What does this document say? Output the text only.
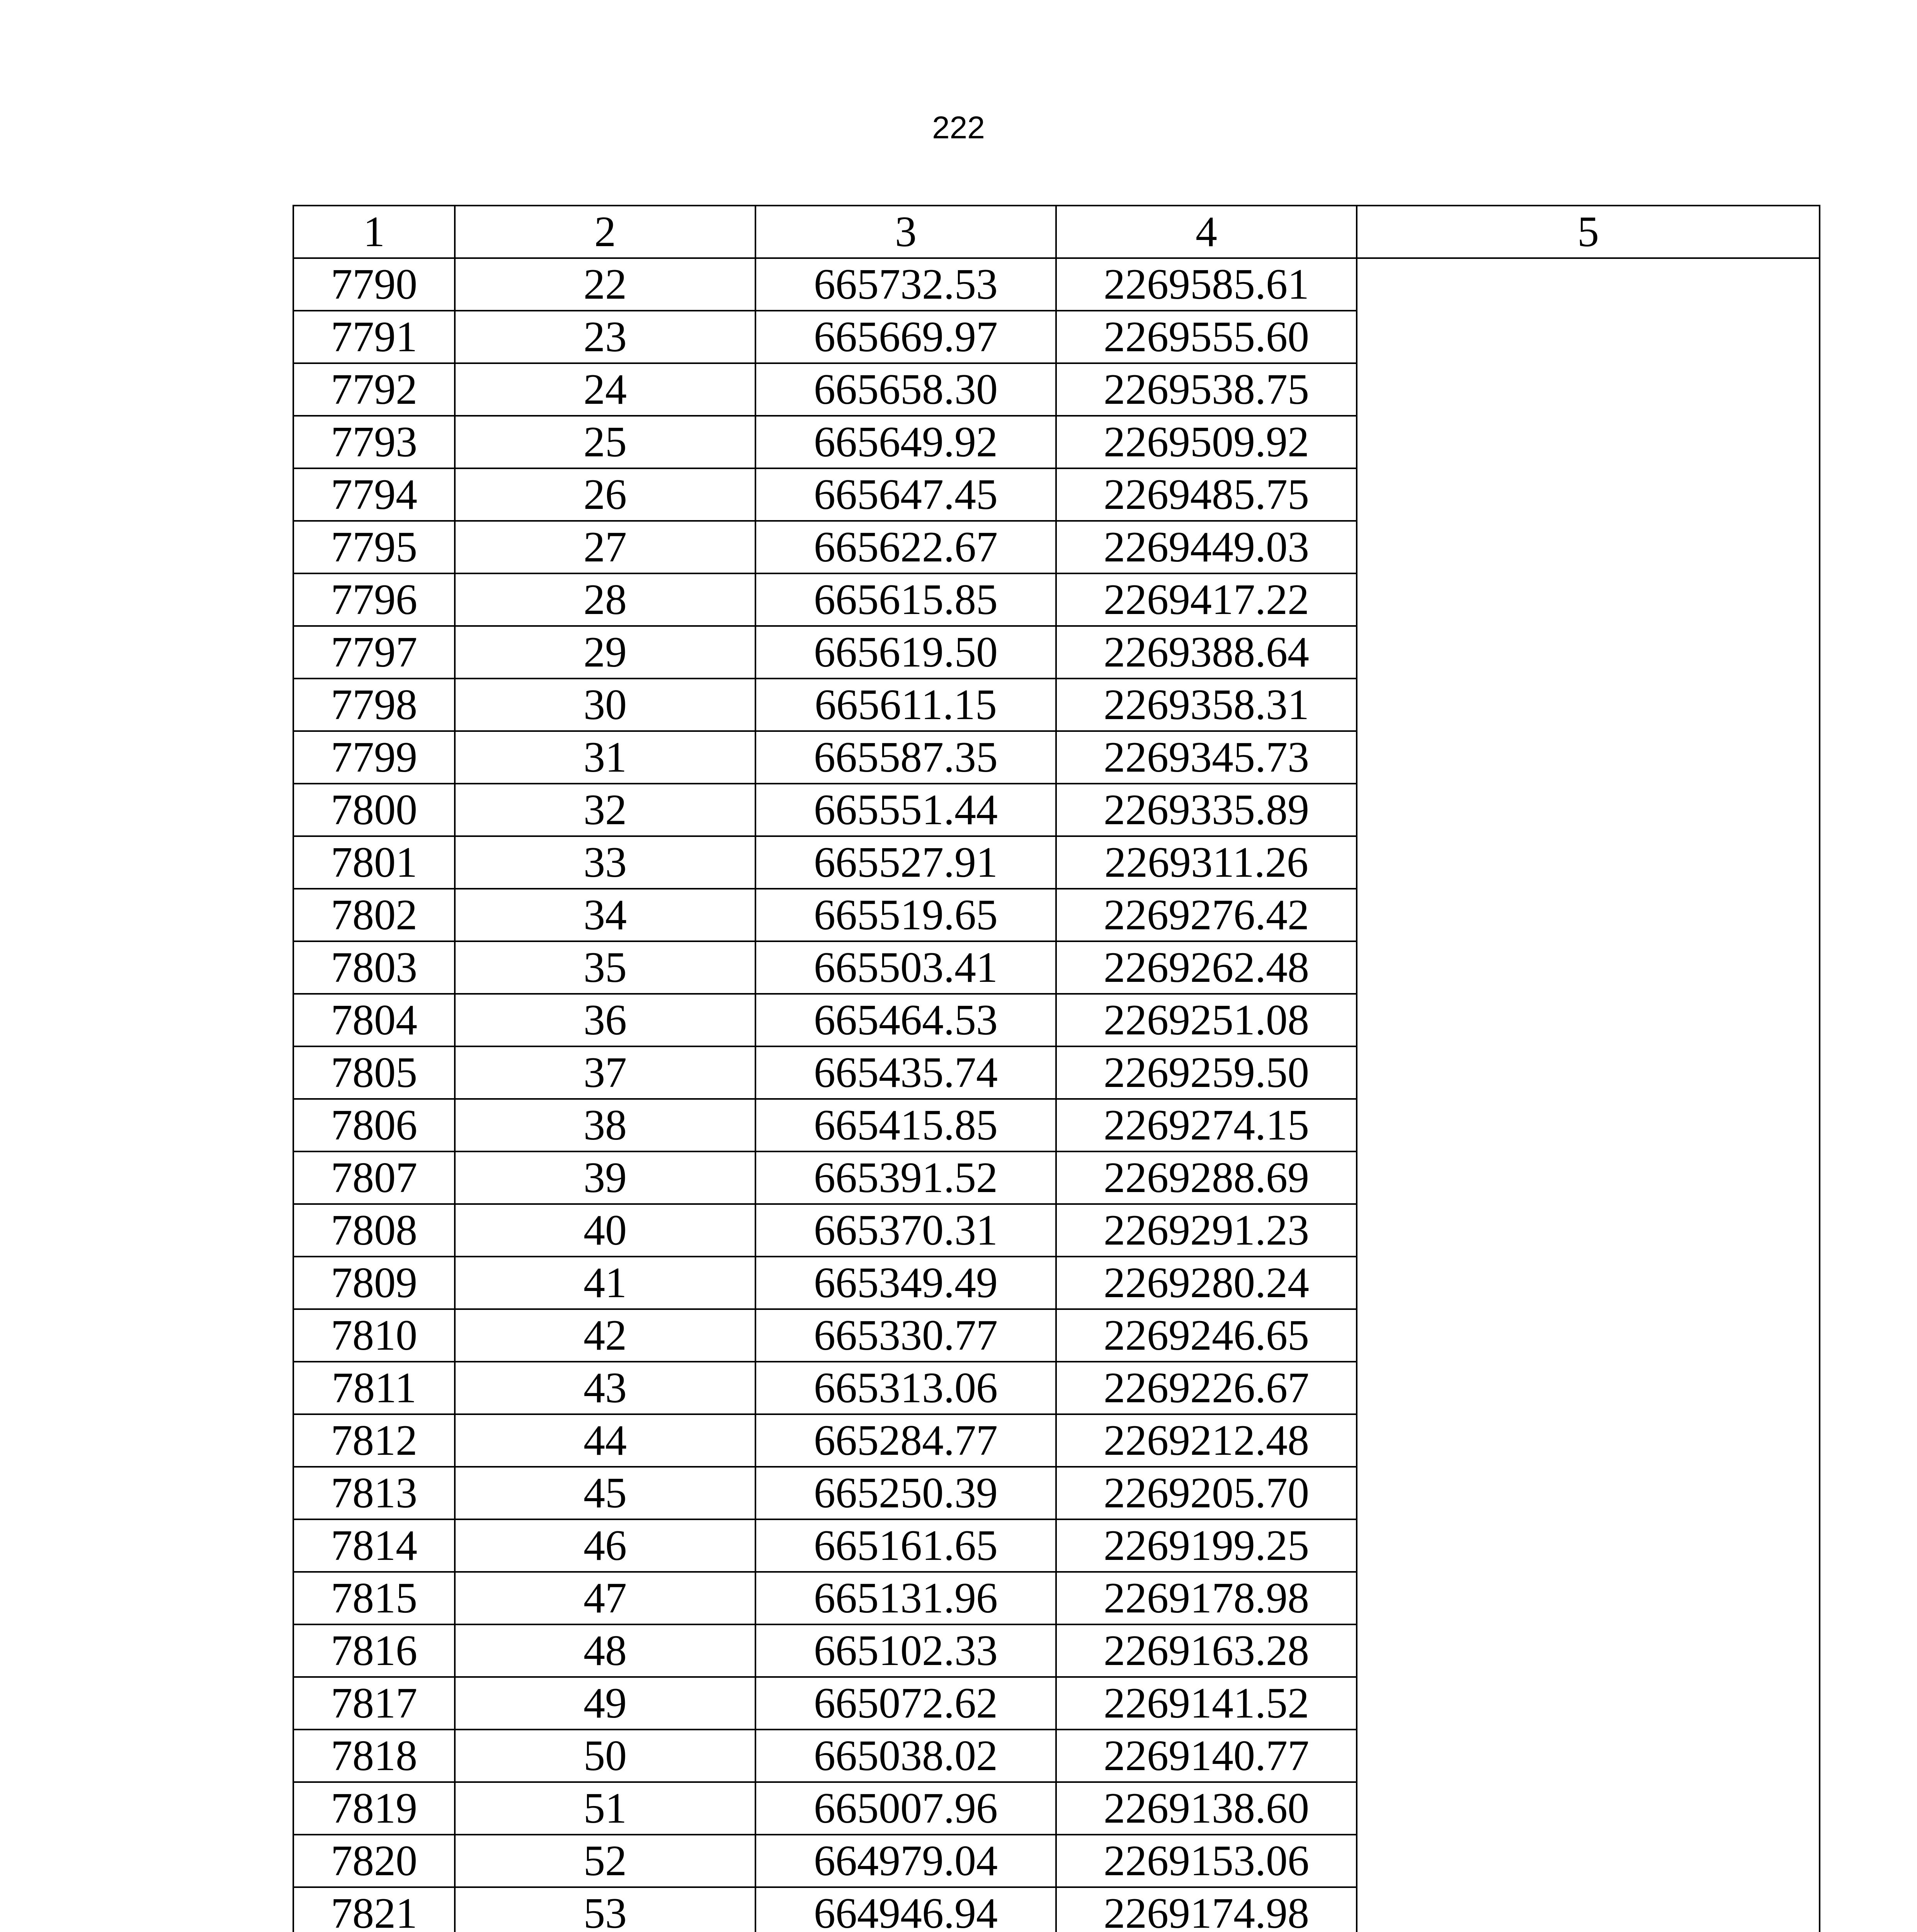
222
1	2	3	4	5
7790	22	665732.53	2269585.61	
7791	23	665669.97	2269555.60	
7792	24	665658.30	2269538.75	
7793	25	665649.92	2269509.92	
7794	26	665647.45	2269485.75	
7795	27	665622.67	2269449.03	
7796	28	665615.85	2269417.22	
7797	29	665619.50	2269388.64	
7798	30	665611.15	2269358.31	
7799	31	665587.35	2269345.73	
7800	32	665551.44	2269335.89	
7801	33	665527.91	2269311.26	
7802	34	665519.65	2269276.42	
7803	35	665503.41	2269262.48	
7804	36	665464.53	2269251.08	
7805	37	665435.74	2269259.50	
7806	38	665415.85	2269274.15	
7807	39	665391.52	2269288.69	
7808	40	665370.31	2269291.23	
7809	41	665349.49	2269280.24	
7810	42	665330.77	2269246.65	
7811	43	665313.06	2269226.67	
7812	44	665284.77	2269212.48	
7813	45	665250.39	2269205.70	
7814	46	665161.65	2269199.25	
7815	47	665131.96	2269178.98	
7816	48	665102.33	2269163.28	
7817	49	665072.62	2269141.52	
7818	50	665038.02	2269140.77	
7819	51	665007.96	2269138.60	
7820	52	664979.04	2269153.06	
7821	53	664946.94	2269174.98	
